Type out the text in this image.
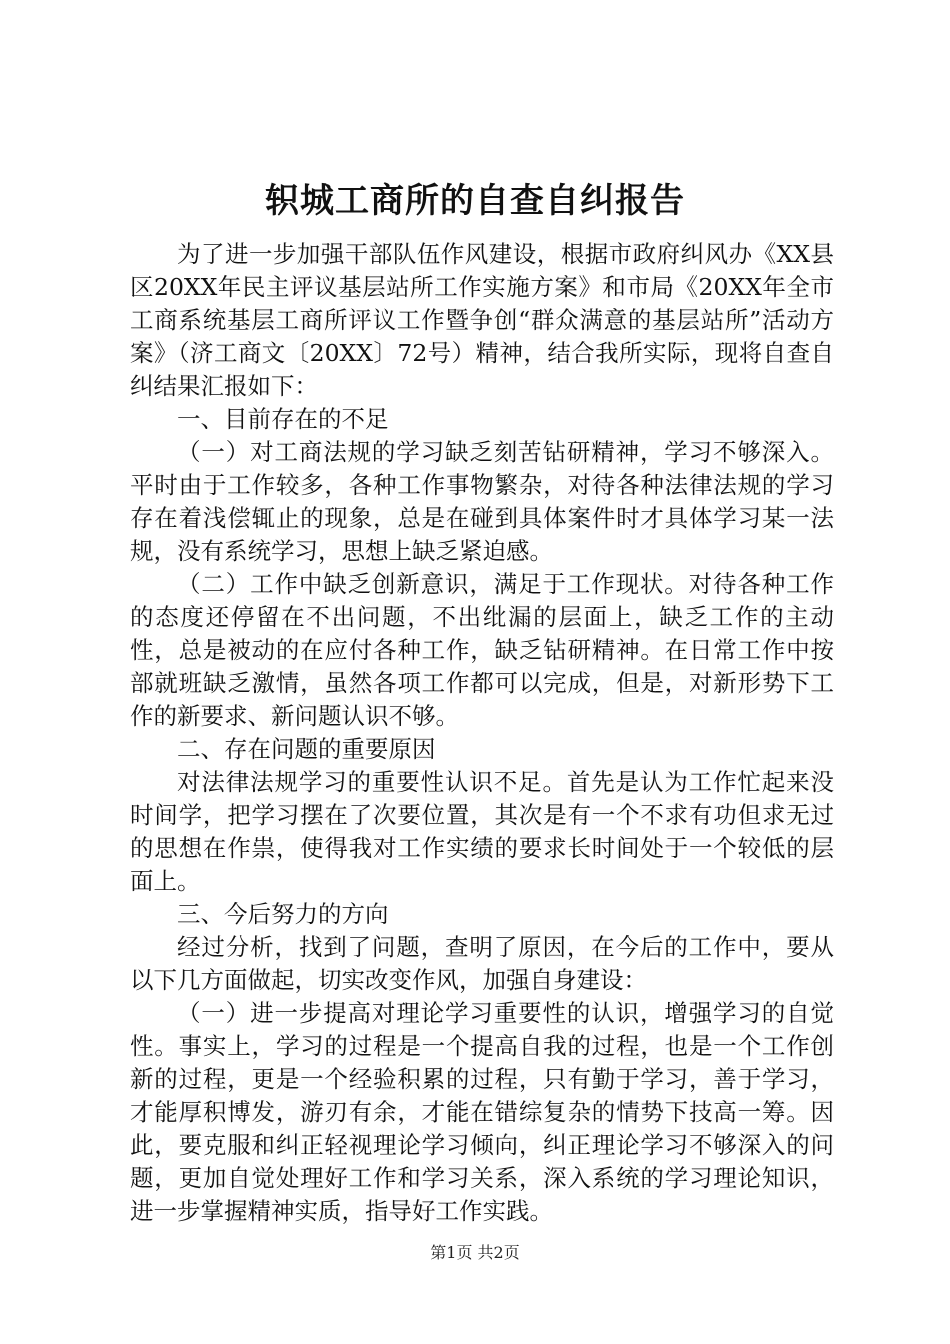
轵城工商所的自查自纠报告

为了进一步加强干部队伍作风建设，根据市政府纠风办《XX县区20XX年民主评议基层站所工作实施方案》和市局《20XX年全市工商系统基层工商所评议工作暨争创“群众满意的基层站所”活动方案》（济工商文〔20XX〕72号）精神，结合我所实际，现将自查自纠结果汇报如下：

一、目前存在的不足

（一）对工商法规的学习缺乏刻苦钻研精神，学习不够深入。平时由于工作较多，各种工作事物繁杂，对待各种法律法规的学习存在着浅偿辄止的现象，总是在碰到具体案件时才具体学习某一法规，没有系统学习，思想上缺乏紧迫感。

（二）工作中缺乏创新意识，满足于工作现状。对待各种工作的态度还停留在不出问题，不出纰漏的层面上，缺乏工作的主动性，总是被动的在应付各种工作，缺乏钻研精神。在日常工作中按部就班缺乏激情，虽然各项工作都可以完成，但是，对新形势下工作的新要求、新问题认识不够。

二、存在问题的重要原因

对法律法规学习的重要性认识不足。首先是认为工作忙起来没时间学，把学习摆在了次要位置，其次是有一个不求有功但求无过的思想在作祟，使得我对工作实绩的要求长时间处于一个较低的层面上。

三、今后努力的方向

经过分析，找到了问题，查明了原因，在今后的工作中，要从以下几方面做起，切实改变作风，加强自身建设：

（一）进一步提高对理论学习重要性的认识，增强学习的自觉性。事实上，学习的过程是一个提高自我的过程，也是一个工作创新的过程，更是一个经验积累的过程，只有勤于学习，善于学习，才能厚积博发，游刃有余，才能在错综复杂的情势下技高一筹。因此，要克服和纠正轻视理论学习倾向，纠正理论学习不够深入的问题，更加自觉处理好工作和学习关系，深入系统的学习理论知识，进一步掌握精神实质，指导好工作实践。

第1页 共2页
